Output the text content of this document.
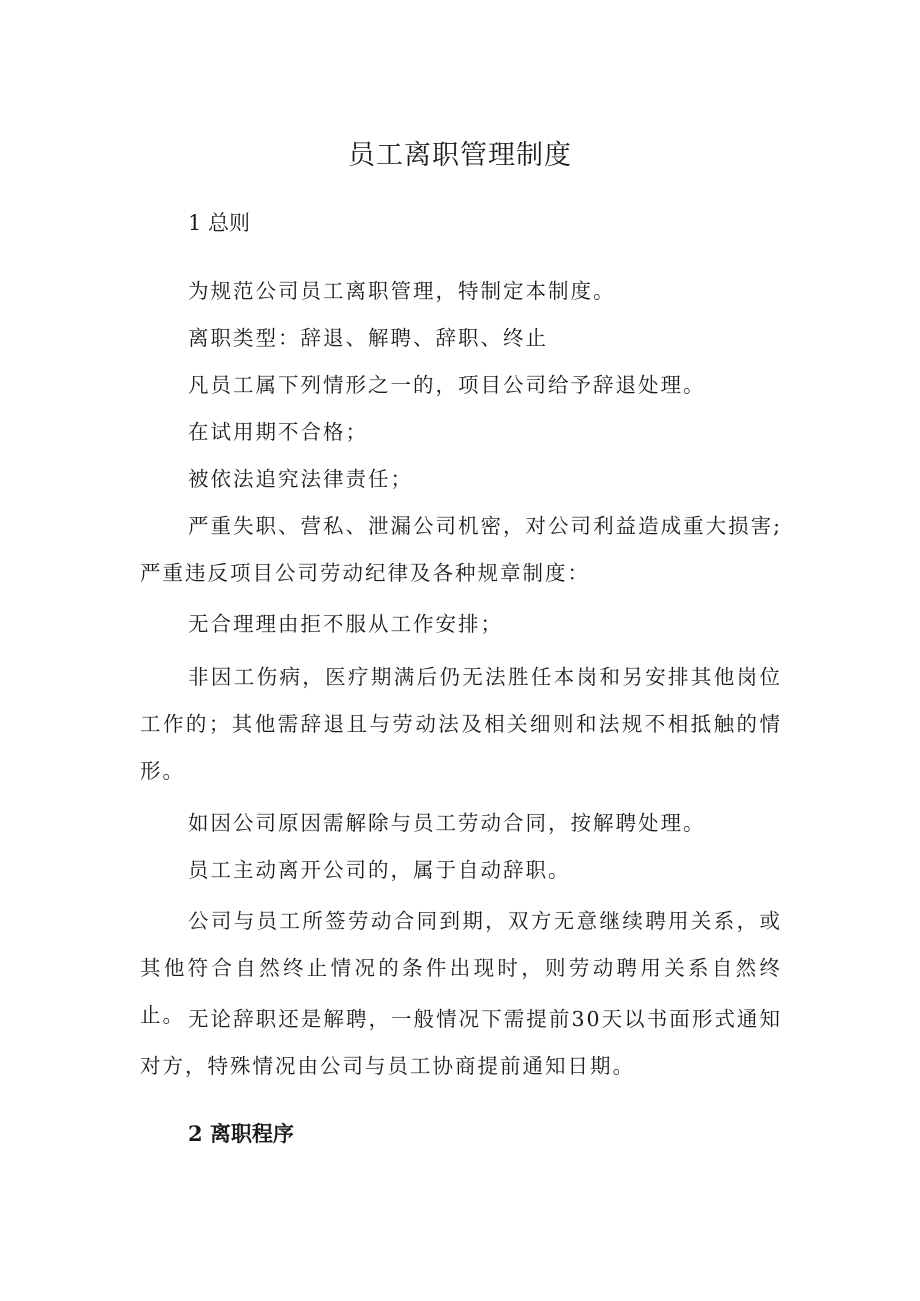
员工离职管理制度
1 总则

为规范公司员工离职管理，特制定本制度。

离职类型：辞退、解聘、辞职、终止

凡员工属下列情形之一的，项目公司给予辞退处理。

在试用期不合格；

被依法追究法律责任；

严重失职、营私、泄漏公司机密，对公司利益造成重大损害;严重违反项目公司劳动纪律及各种规章制度：

无合理理由拒不服从工作安排；

非因工伤病，医疗期满后仍无法胜任本岗和另安排其他岗位工作的；其他需辞退且与劳动法及相关细则和法规不相抵触的情形。

如因公司原因需解除与员工劳动合同，按解聘处理。

员工主动离开公司的，属于自动辞职。

公司与员工所签劳动合同到期，双方无意继续聘用关系，或其他符合自然终止情况的条件出现时，则劳动聘用关系自然终止。 无论辞职还是解聘，一般情况下需提前30天以书面形式通知对方，特殊情况由公司与员工协商提前通知日期。

2 离职程序
